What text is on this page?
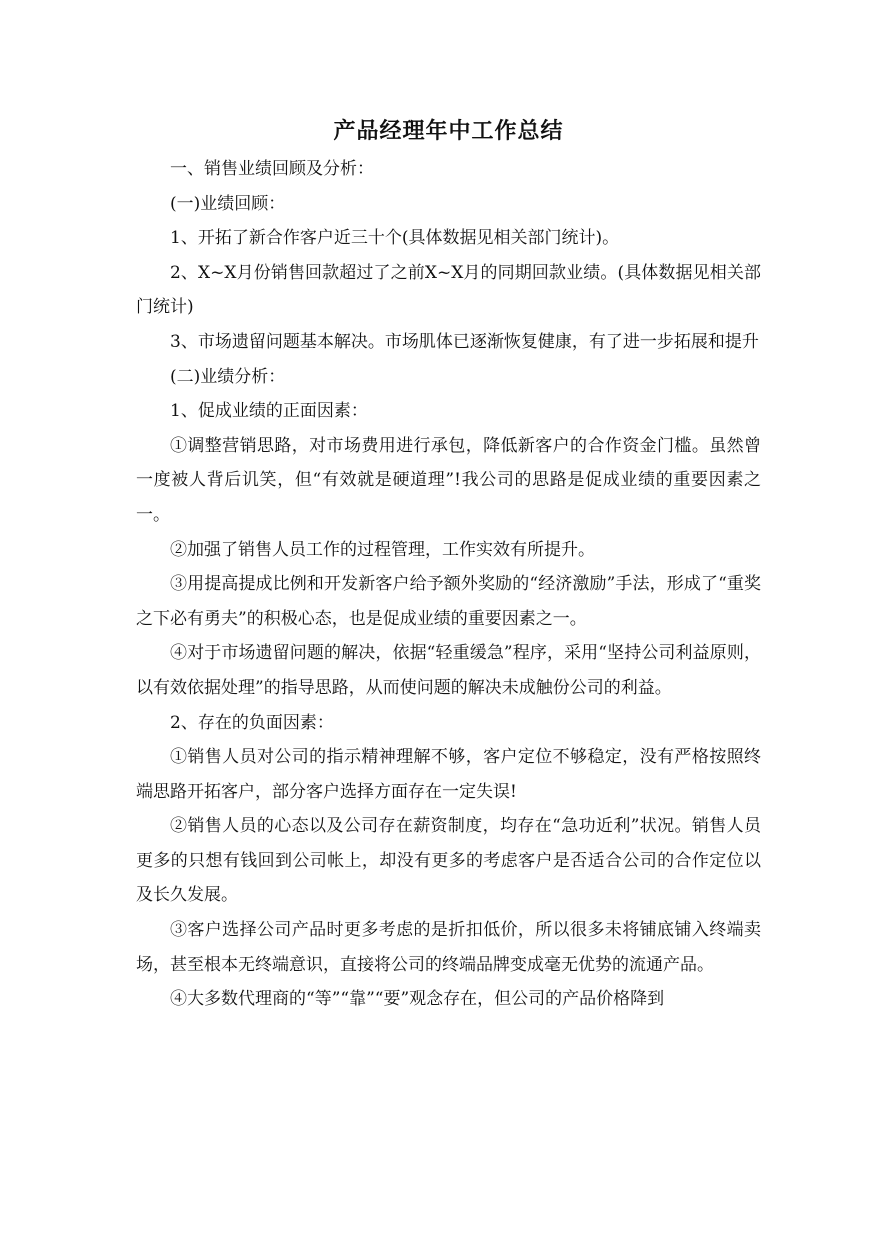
产品经理年中工作总结

一、销售业绩回顾及分析：

(一)业绩回顾：

1、开拓了新合作客户近三十个(具体数据见相关部门统计)。

2、X~X月份销售回款超过了之前X~X月的同期回款业绩。(具体数据见相关部门统计)

3、市场遗留问题基本解决。市场肌体已逐渐恢复健康，有了进一步拓展和提升

(二)业绩分析：

1、促成业绩的正面因素：

①调整营销思路，对市场费用进行承包，降低新客户的合作资金门槛。虽然曾一度被人背后讥笑，但“有效就是硬道理”!我公司的思路是促成业绩的重要因素之一。

②加强了销售人员工作的过程管理，工作实效有所提升。

③用提高提成比例和开发新客户给予额外奖励的“经济激励”手法，形成了“重奖之下必有勇夫”的积极心态，也是促成业绩的重要因素之一。

④对于市场遗留问题的解决，依据“轻重缓急”程序，采用“坚持公司利益原则，以有效依据处理”的指导思路，从而使问题的解决未成触份公司的利益。

2、存在的负面因素：

①销售人员对公司的指示精神理解不够，客户定位不够稳定，没有严格按照终端思路开拓客户，部分客户选择方面存在一定失误!

②销售人员的心态以及公司存在薪资制度，均存在“急功近利”状况。销售人员更多的只想有钱回到公司帐上，却没有更多的考虑客户是否适合公司的合作定位以及长久发展。

③客户选择公司产品时更多考虑的是折扣低价，所以很多未将铺底铺入终端卖场，甚至根本无终端意识，直接将公司的终端品牌变成毫无优势的流通产品。

④大多数代理商的“等”“靠”“要”观念存在，但公司的产品价格降到
